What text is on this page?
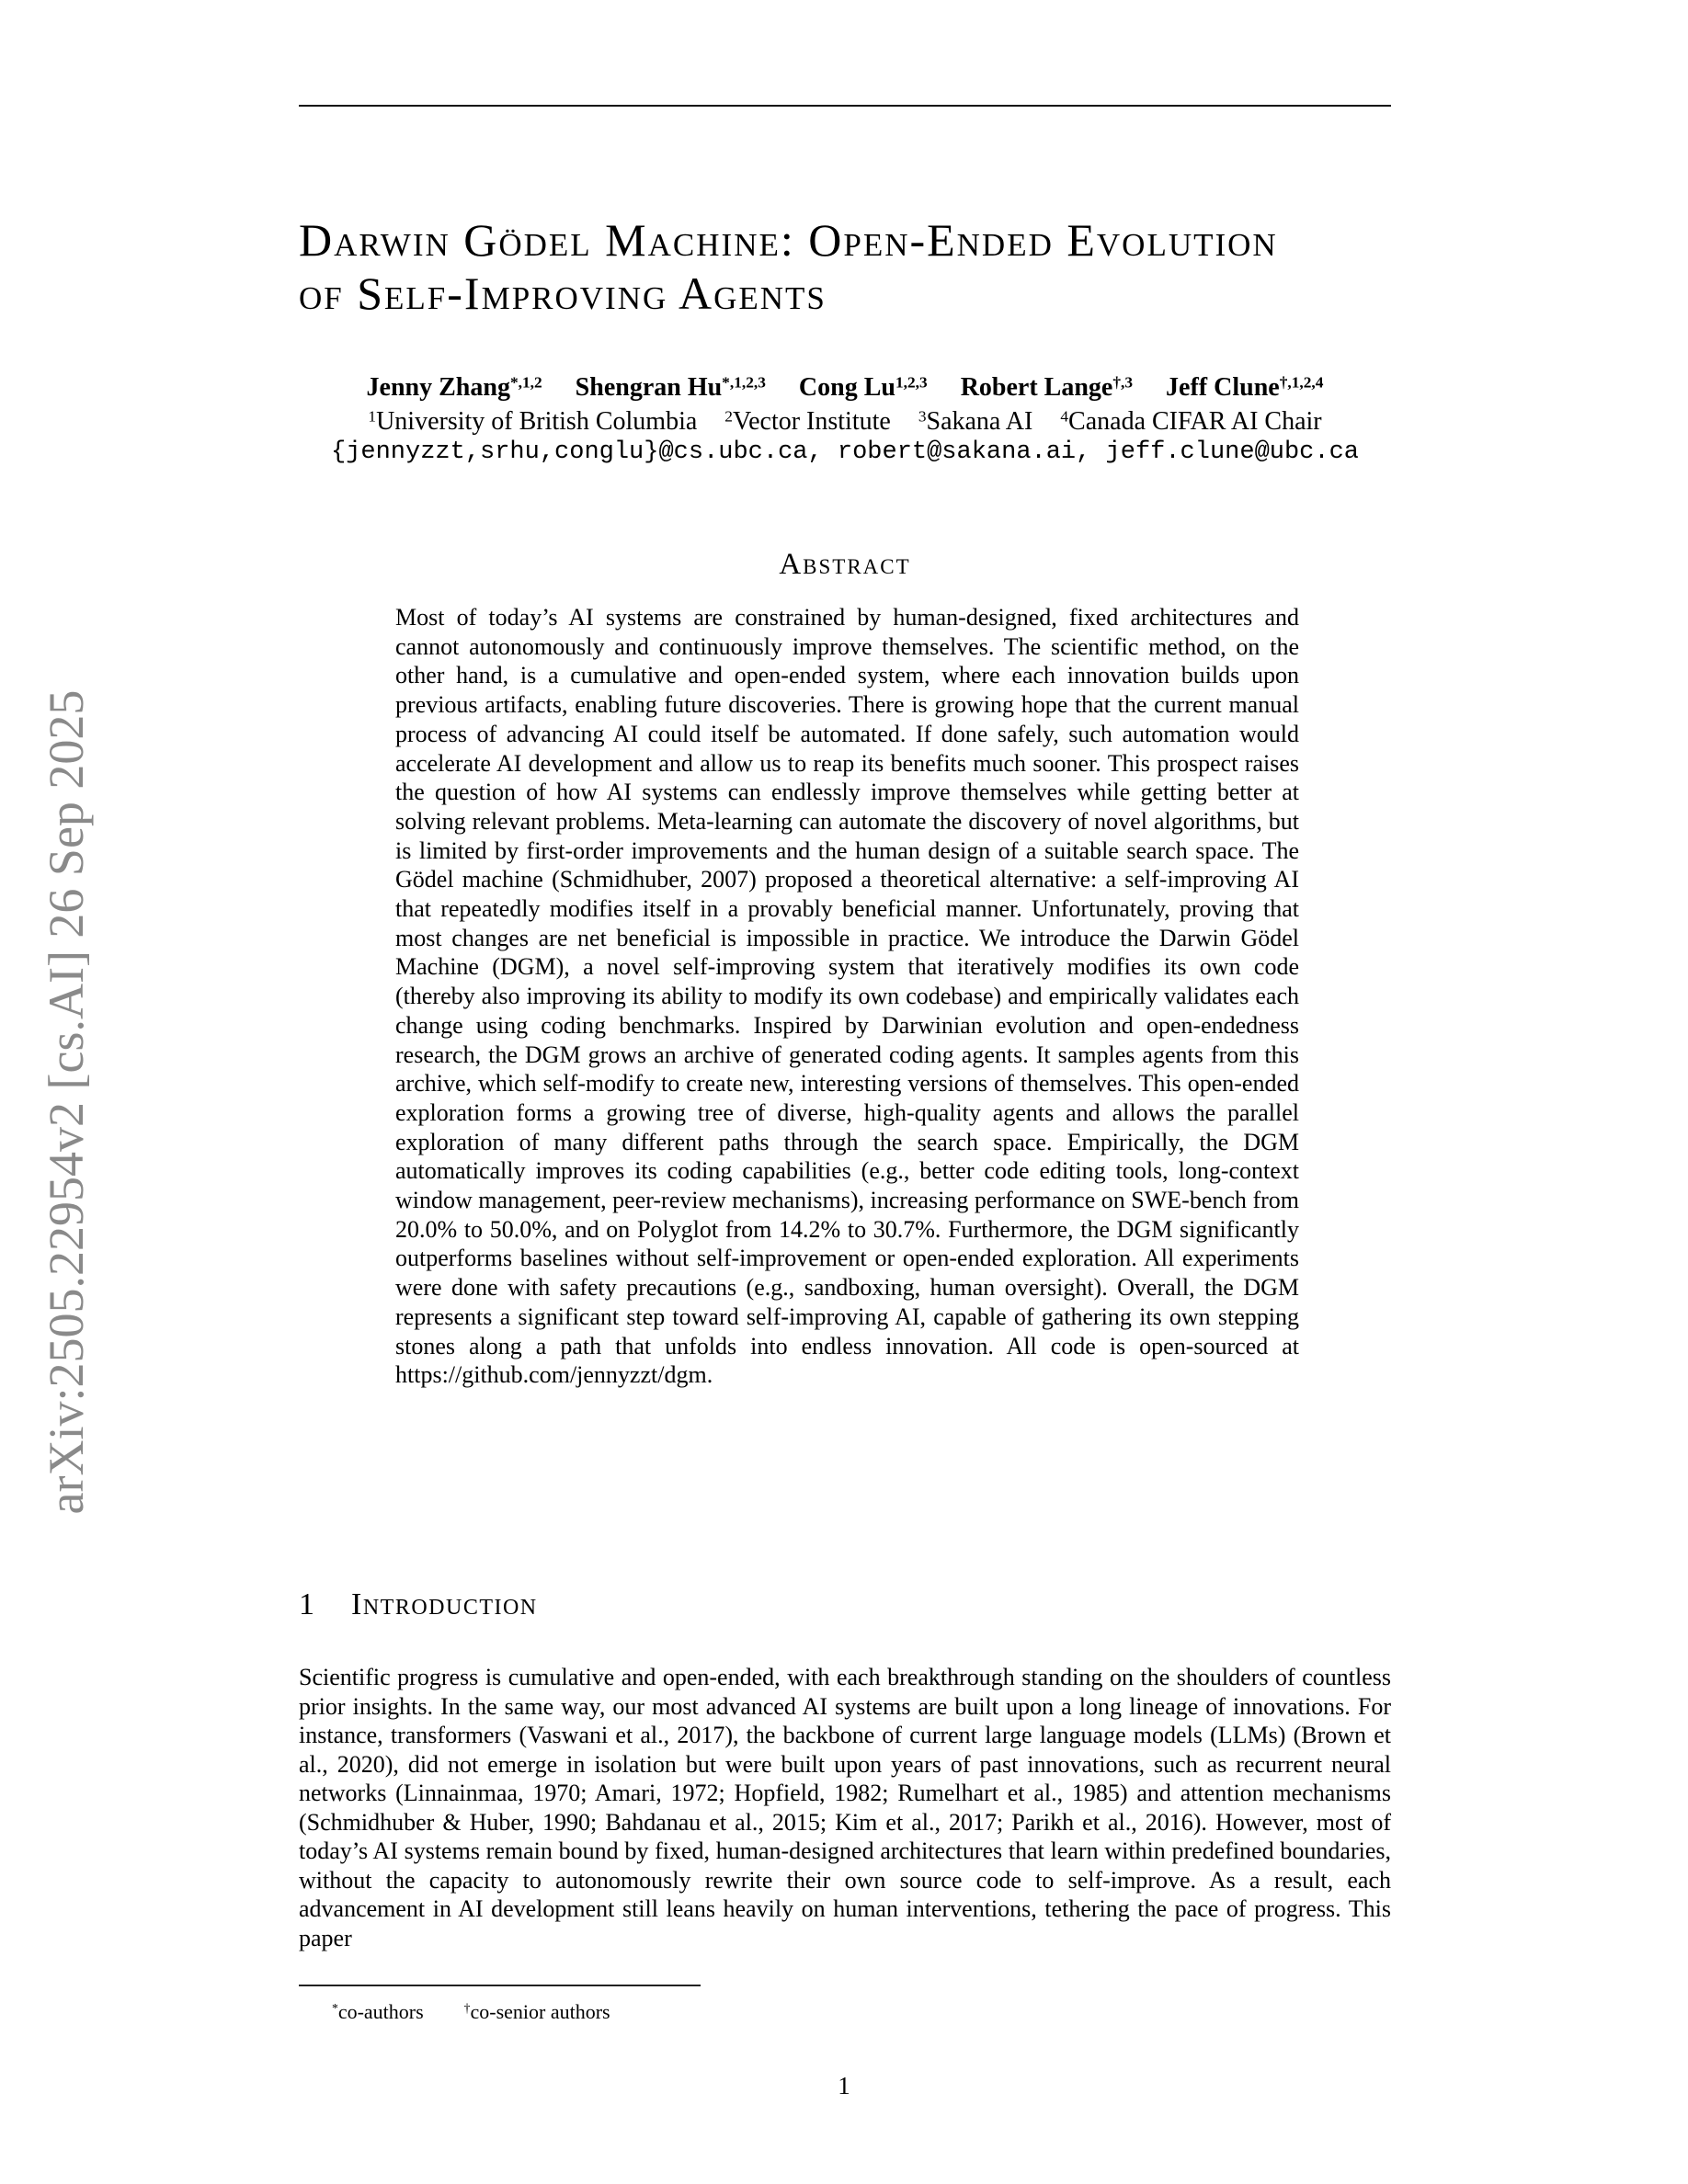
arXiv:2505.22954v2 [cs.AI] 26 Sep 2025
Darwin Gödel Machine: Open-Ended Evolution
of Self-Improving Agents
Jenny Zhang$^{*,1,2}$ Shengran $Hu^{*,1,2,3}$ Cong Lu$^{1,2,3}$ Robert Lange$^{\dagger,3}$ Jeff Clune$^{\dagger,1,2,4}$
$^1$University of British Columbia $^2$Vector Institute $^3$Sakana AI $^4$Canada CIFAR AI Chair
{jennyzzt,srhu,conglu}@cs.ubc.ca, robert@sakana.ai, jeff.clune@ubc.ca
Abstract

Most of today’s AI systems are constrained by human-designed, fixed architectures and cannot autonomously and continuously improve themselves. The scientific method, on the other hand, is a cumulative and open-ended system, where each innovation builds upon previous artifacts, enabling future discoveries. There is growing hope that the current manual process of advancing AI could itself be automated. If done safely, such automation would accelerate AI development and allow us to reap its benefits much sooner. This prospect raises the question of how AI systems can endlessly improve themselves while getting better at solving relevant problems. Meta-learning can automate the discovery of novel algorithms, but is limited by first-order improvements and the human design of a suitable search space. The Gödel machine (Schmidhuber, 2007) proposed a theoretical alternative: a self-improving AI that repeatedly modifies itself in a provably beneficial manner. Unfortunately, proving that most changes are net beneficial is impossible in practice. We introduce the Darwin Gödel Machine (DGM), a novel self-improving system that iteratively modifies its own code (thereby also improving its ability to modify its own codebase) and empirically validates each change using coding benchmarks. Inspired by Darwinian evolution and open-endedness research, the DGM grows an archive of generated coding agents. It samples agents from this archive, which self-modify to create new, interesting versions of themselves. This open-ended exploration forms a growing tree of diverse, high-quality agents and allows the parallel exploration of many different paths through the search space. Empirically, the DGM automatically improves its coding capabilities (e.g., better code editing tools, long-context window management, peer-review mechanisms), increasing performance on SWE-bench from 20.0% to 50.0%, and on Polyglot from 14.2% to 30.7%. Furthermore, the DGM significantly outperforms baselines without self-improvement or open-ended exploration. All experiments were done with safety precautions (e.g., sandboxing, human oversight). Overall, the DGM represents a significant step toward self-improving AI, capable of gathering its own stepping stones along a path that unfolds into endless innovation. All code is open-sourced at https://github.com/jennyzzt/dgm.

1 Introduction

Scientific progress is cumulative and open-ended, with each breakthrough standing on the shoulders of countless prior insights. In the same way, our most advanced AI systems are built upon a long lineage of innovations. For instance, transformers (Vaswani et al., 2017), the backbone of current large language models (LLMs) (Brown et al., 2020), did not emerge in isolation but were built upon years of past innovations, such as recurrent neural networks (Linnainmaa, 1970; Amari, 1972; Hopfield, 1982; Rumelhart et al., 1985) and attention mechanisms (Schmidhuber & Huber, 1990; Bahdanau et al., 2015; Kim et al., 2017; Parikh et al., 2016). However, most of today’s AI systems remain bound by fixed, human-designed architectures that learn within predefined boundaries, without the capacity to autonomously rewrite their own source code to self-improve. As a result, each advancement in AI development still leans heavily on human interventions, tethering the pace of progress. This paper

*co-authors	†co-senior authors
1
